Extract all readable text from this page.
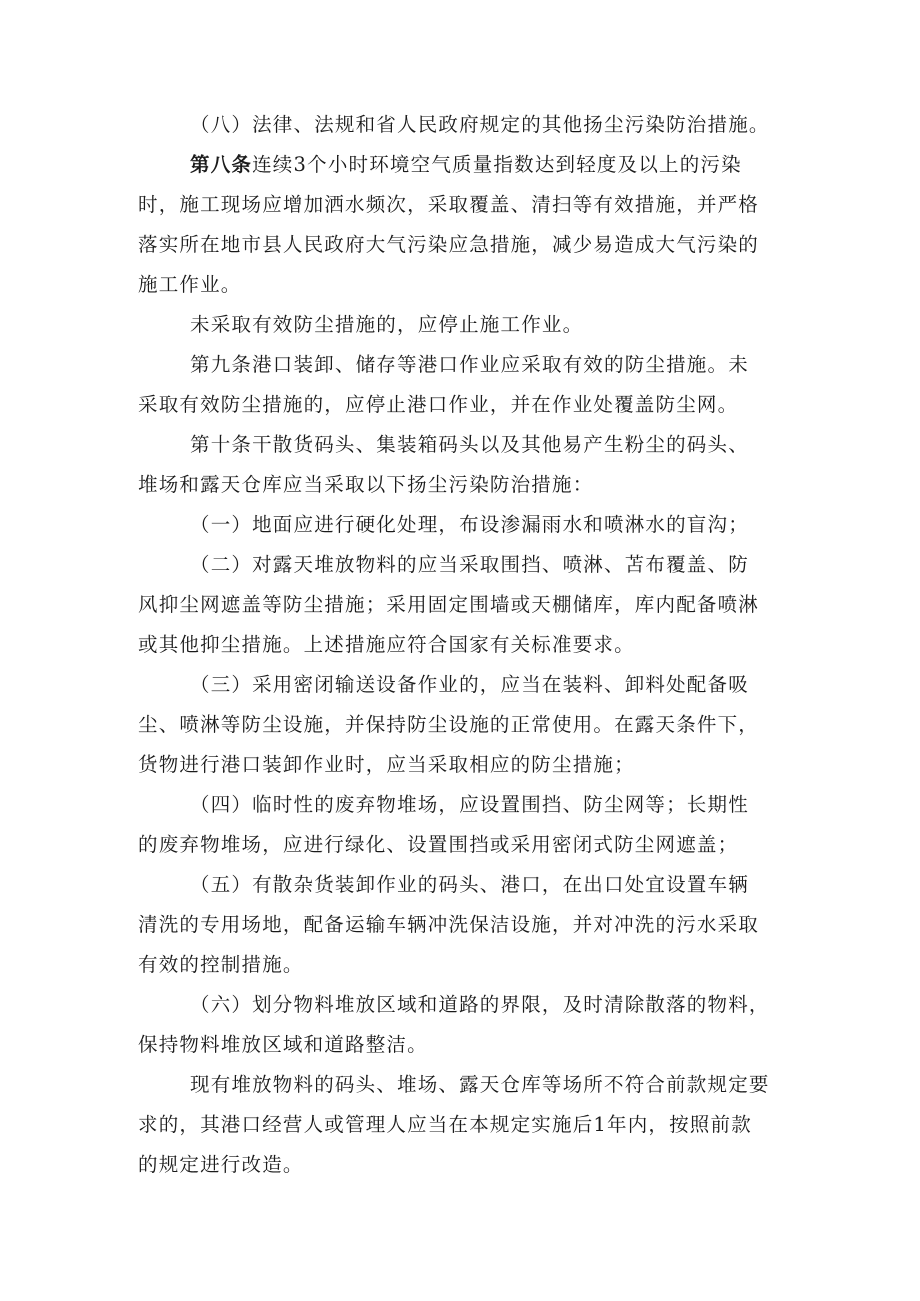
（八）法律、法规和省人民政府规定的其他扬尘污染防治措施。
第八条连续3个小时环境空气质量指数达到轻度及以上的污染
时，施工现场应增加洒水频次，采取覆盖、清扫等有效措施，并严格
落实所在地市县人民政府大气污染应急措施，减少易造成大气污染的
施工作业。
未采取有效防尘措施的，应停止施工作业。
第九条港口装卸、储存等港口作业应采取有效的防尘措施。未
采取有效防尘措施的，应停止港口作业，并在作业处覆盖防尘网。
第十条干散货码头、集装箱码头以及其他易产生粉尘的码头、
堆场和露天仓库应当采取以下扬尘污染防治措施：
（一）地面应进行硬化处理，布设渗漏雨水和喷淋水的盲沟；
（二）对露天堆放物料的应当采取围挡、喷淋、苫布覆盖、防
风抑尘网遮盖等防尘措施；采用固定围墙或天棚储库，库内配备喷淋
或其他抑尘措施。上述措施应符合国家有关标准要求。
（三）采用密闭输送设备作业的，应当在装料、卸料处配备吸
尘、喷淋等防尘设施，并保持防尘设施的正常使用。在露天条件下，
货物进行港口装卸作业时，应当采取相应的防尘措施；
（四）临时性的废弃物堆场，应设置围挡、防尘网等；长期性
的废弃物堆场，应进行绿化、设置围挡或采用密闭式防尘网遮盖；
（五）有散杂货装卸作业的码头、港口，在出口处宜设置车辆
清洗的专用场地，配备运输车辆冲洗保洁设施，并对冲洗的污水采取
有效的控制措施。
（六）划分物料堆放区域和道路的界限，及时清除散落的物料，
保持物料堆放区域和道路整洁。
现有堆放物料的码头、堆场、露天仓库等场所不符合前款规定要
求的，其港口经营人或管理人应当在本规定实施后1年内，按照前款
的规定进行改造。
